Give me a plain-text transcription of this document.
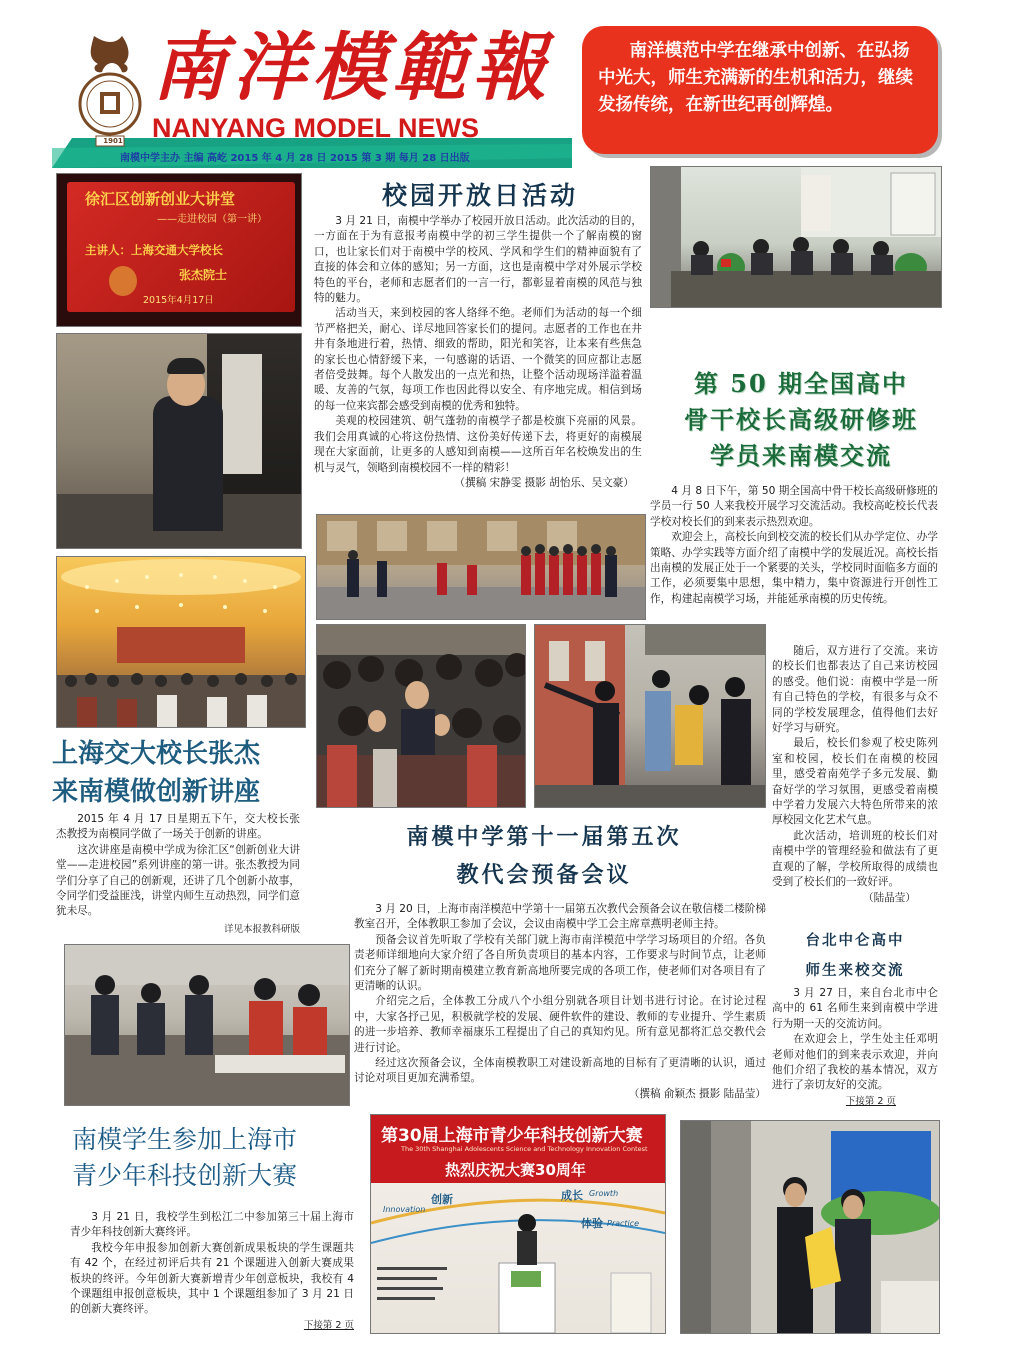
1901
南洋模範報
NANYANG MODEL NEWS
南模中学主办 主编 高屹 2015 年 4 月 28 日 2015 第 3 期 每月 28 日出版
南洋模范中学在继承中创新、在弘扬中光大，师生充满新的生机和活力，继续发扬传统，在新世纪再创辉煌。
徐汇区创新创业大讲堂
——走进校园（第一讲）
主讲人：上海交通大学校长
张杰院士
2015年4月17日
校园开放日活动

3 月 21 日，南模中学举办了校园开放日活动。此次活动的目的，一方面在于为有意报考南模中学的初三学生提供一个了解南模的窗口，也让家长们对于南模中学的校风、学风和学生们的精神面貌有了直接的体会和立体的感知；另一方面，这也是南模中学对外展示学校特色的平台，老师和志愿者们的一言一行，都彰显着南模的风范与独特的魅力。

活动当天，来到校园的客人络绎不绝。老师们为活动的每一个细节严格把关，耐心、详尽地回答家长们的提问。志愿者的工作也在井井有条地进行着，热情、细致的帮助，阳光和笑容，让本来有些焦急的家长也心情舒缓下来，一句感谢的话语、一个微笑的回应都让志愿者倍受鼓舞。每个人散发出的一点光和热，让整个活动现场洋溢着温暖、友善的气氛，每项工作也因此得以安全、有序地完成。相信到场的每一位来宾都会感受到南模的优秀和独特。

美观的校园建筑、朝气蓬勃的南模学子都是校旗下亮丽的风景。我们会用真诚的心将这份热情、这份美好传递下去，将更好的南模展现在大家面前，让更多的人感知到南模——这所百年名校焕发出的生机与灵气，领略到南模校园不一样的精彩！

（撰稿 宋静雯 摄影 胡怡乐、吴文豪）
第 50 期全国高中
骨干校长高级研修班
学员来南模交流

4 月 8 日下午，第 50 期全国高中骨干校长高级研修班的学员一行 50 人来我校开展学习交流活动。我校高屹校长代表学校对校长们的到来表示热烈欢迎。

欢迎会上，高校长向到校交流的校长们从办学定位、办学策略、办学实践等方面介绍了南模中学的发展近况。高校长指出南模的发展正处于一个紧要的关头，学校同时面临多方面的工作，必须要集中思想，集中精力，集中资源进行开创性工作，构建起南模学习场，并能延承南模的历史传统。

随后，双方进行了交流。来访的校长们也都表达了自己来访校园的感受。他们说：南模中学是一所有自己特色的学校，有很多与众不同的学校发展理念，值得他们去好好学习与研究。

最后，校长们参观了校史陈列室和校园，校长们在南模的校园里，感受着南苑学子多元发展、勤奋好学的学习氛围，更感受着南模中学着力发展六大特色所带来的浓厚校园文化艺术气息。

此次活动，培训班的校长们对南模中学的管理经验和做法有了更直观的了解，学校所取得的成绩也受到了校长们的一致好评。

（陆晶莹）
上海交大校长张杰
来南模做创新讲座

2015 年 4 月 17 日星期五下午，交大校长张杰教授为南模同学做了一场关于创新的讲座。

这次讲座是南模中学成为徐汇区“创新创业大讲堂——走进校园”系列讲座的第一讲。张杰教授为同学们分享了自己的创新观，还讲了几个创新小故事，令同学们受益匪浅，讲堂内师生互动热烈，同学们意犹未尽。

详见本报教科研版
南模中学第十一届第五次
教代会预备会议

3 月 20 日，上海市南洋模范中学第十一届第五次教代会预备会议在敬信楼二楼阶梯教室召开，全体教职工参加了会议，会议由南模中学工会主席章燕明老师主持。

预备会议首先听取了学校有关部门就上海市南洋模范中学学习场项目的介绍。各负责老师详细地向大家介绍了各自所负责项目的基本内容，工作要求与时间节点，让老师们充分了解了新时期南模建立教育新高地所要完成的各项工作，使老师们对各项目有了更清晰的认识。

介绍完之后，全体教工分成八个小组分别就各项目计划书进行讨论。在讨论过程中，大家各抒己见，积极就学校的发展、硬件软件的建设、教师的专业提升、学生素质的进一步培养、教师幸福康乐工程提出了自己的真知灼见。所有意见都将汇总交教代会进行讨论。

经过这次预备会议，全体南模教职工对建设新高地的目标有了更清晰的认识，通过讨论对项目更加充满希望。

（撰稿 俞颖杰 摄影 陆晶莹）
台北中仑高中
师生来校交流

3 月 27 日，来自台北市中仑高中的 61 名师生来到南模中学进行为期一天的交流访问。

在欢迎会上，学生处主任邓明老师对他们的到来表示欢迎，并向他们介绍了我校的基本情况，双方进行了亲切友好的交流。

下接第 2 页
南模学生参加上海市
青少年科技创新大赛

3 月 21 日，我校学生到松江二中参加第三十届上海市青少年科技创新大赛终评。

我校今年申报参加创新大赛创新成果板块的学生课题共有 42 个，在经过初评后共有 21 个课题进入创新大赛成果板块的终评。今年创新大赛新增青少年创意板块，我校有 4 个课题组申报创意板块，其中 1 个课题组参加了 3 月 21 日的创新大赛终评。

下接第 2 页
第30届上海市青少年科技创新大赛
The 30th Shanghai Adolescents Science and Technology Innovation Contest
热烈庆祝大赛30周年
创新
Innovation
成长 Growth
体验 Practice
